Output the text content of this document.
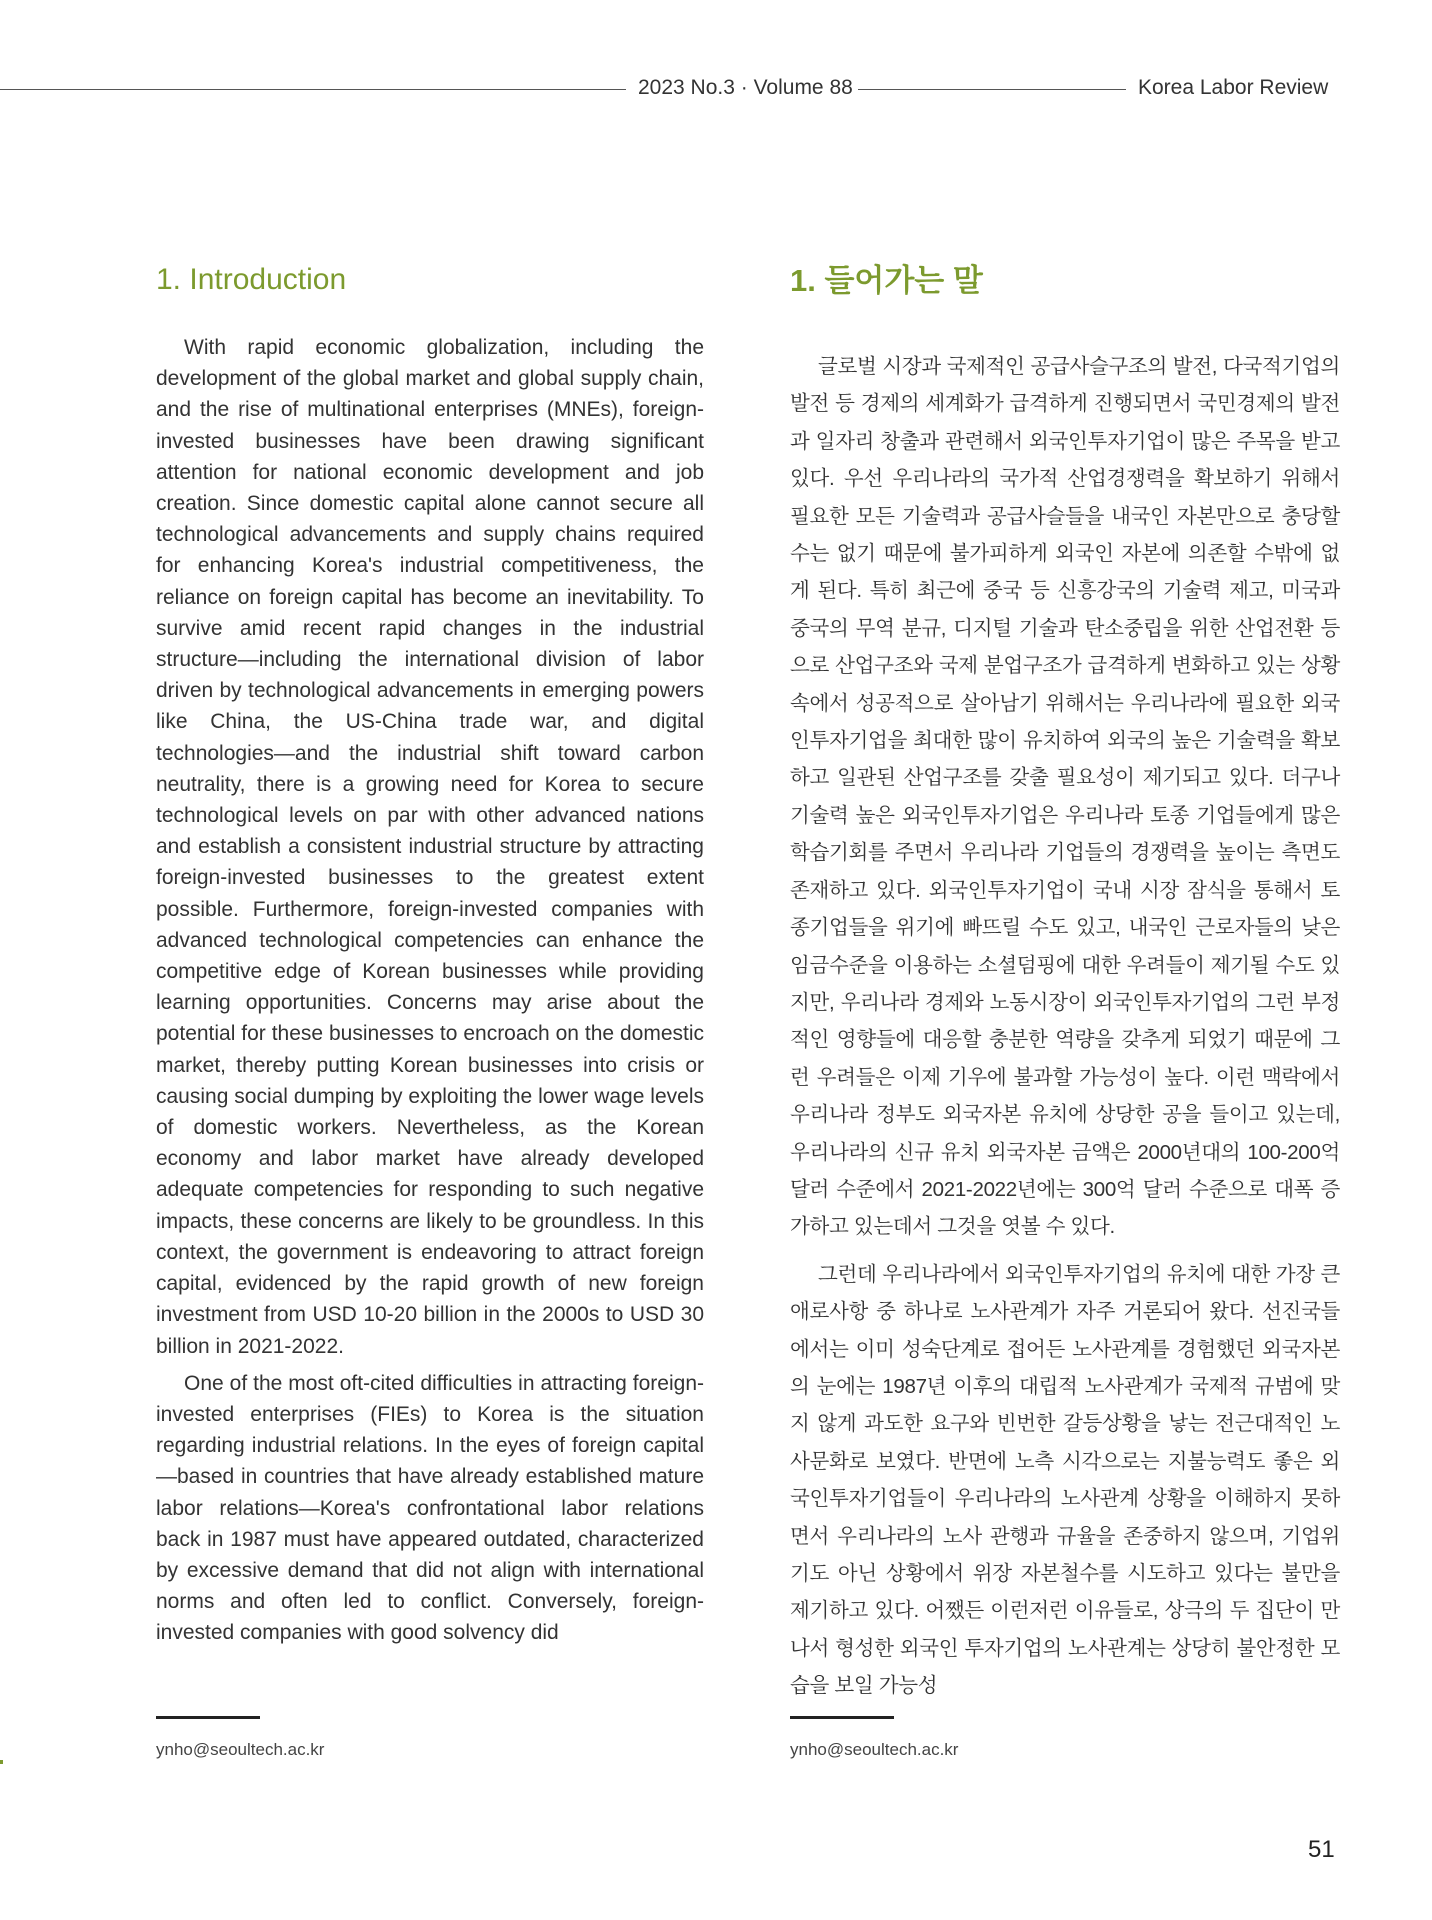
2023 No.3 · Volume 88	Korea Labor Review
1. Introduction

With rapid economic globalization, including the development of the global market and global supply chain, and the rise of multinational enterprises (MNEs), foreign-invested businesses have been drawing significant attention for national economic development and job creation. Since domestic capital alone cannot secure all technological advancements and supply chains required for enhancing Korea's industrial competitiveness, the reliance on foreign capital has become an inevitability. To survive amid recent rapid changes in the industrial structure—including the international division of labor driven by technological advancements in emerging powers like China, the US-China trade war, and digital technologies—and the industrial shift toward carbon neutrality, there is a growing need for Korea to secure technological levels on par with other advanced nations and establish a consistent industrial structure by attracting foreign-invested businesses to the greatest extent possible. Furthermore, foreign-invested companies with advanced technological competencies can enhance the competitive edge of Korean businesses while providing learning opportunities. Concerns may arise about the potential for these businesses to encroach on the domestic market, thereby putting Korean businesses into crisis or causing social dumping by exploiting the lower wage levels of domestic workers. Nevertheless, as the Korean economy and labor market have already developed adequate competencies for responding to such negative impacts, these concerns are likely to be groundless. In this context, the government is endeavoring to attract foreign capital, evidenced by the rapid growth of new foreign investment from USD 10-20 billion in the 2000s to USD 30 billion in 2021-2022.

One of the most oft-cited difficulties in attracting foreign-invested enterprises (FIEs) to Korea is the situation regarding industrial relations. In the eyes of foreign capital—based in countries that have already established mature labor relations—Korea's confrontational labor relations back in 1987 must have appeared outdated, characterized by excessive demand that did not align with international norms and often led to conflict. Conversely, foreign-invested companies with good solvency did

1. 들어가는 말

글로벌 시장과 국제적인 공급사슬구조의 발전, 다국적기업의 발전 등 경제의 세계화가 급격하게 진행되면서 국민경제의 발전과 일자리 창출과 관련해서 외국인투자기업이 많은 주목을 받고 있다. 우선 우리나라의 국가적 산업경쟁력을 확보하기 위해서 필요한 모든 기술력과 공급사슬들을 내국인 자본만으로 충당할 수는 없기 때문에 불가피하게 외국인 자본에 의존할 수밖에 없게 된다. 특히 최근에 중국 등 신흥강국의 기술력 제고, 미국과 중국의 무역 분규, 디지털 기술과 탄소중립을 위한 산업전환 등으로 산업구조와 국제 분업구조가 급격하게 변화하고 있는 상황 속에서 성공적으로 살아남기 위해서는 우리나라에 필요한 외국인투자기업을 최대한 많이 유치하여 외국의 높은 기술력을 확보하고 일관된 산업구조를 갖출 필요성이 제기되고 있다. 더구나 기술력 높은 외국인투자기업은 우리나라 토종 기업들에게 많은 학습기회를 주면서 우리나라 기업들의 경쟁력을 높이는 측면도 존재하고 있다. 외국인투자기업이 국내 시장 잠식을 통해서 토종기업들을 위기에 빠뜨릴 수도 있고, 내국인 근로자들의 낮은 임금수준을 이용하는 소셜덤핑에 대한 우려들이 제기될 수도 있지만, 우리나라 경제와 노동시장이 외국인투자기업의 그런 부정적인 영향들에 대응할 충분한 역량을 갖추게 되었기 때문에 그런 우려들은 이제 기우에 불과할 가능성이 높다. 이런 맥락에서 우리나라 정부도 외국자본 유치에 상당한 공을 들이고 있는데, 우리나라의 신규 유치 외국자본 금액은 2000년대의 100-200억 달러 수준에서 2021-2022년에는 300억 달러 수준으로 대폭 증가하고 있는데서 그것을 엿볼 수 있다.

그런데 우리나라에서 외국인투자기업의 유치에 대한 가장 큰 애로사항 중 하나로 노사관계가 자주 거론되어 왔다. 선진국들에서는 이미 성숙단계로 접어든 노사관계를 경험했던 외국자본의 눈에는 1987년 이후의 대립적 노사관계가 국제적 규범에 맞지 않게 과도한 요구와 빈번한 갈등상황을 낳는 전근대적인 노사문화로 보였다. 반면에 노측 시각으로는 지불능력도 좋은 외국인투자기업들이 우리나라의 노사관계 상황을 이해하지 못하면서 우리나라의 노사 관행과 규율을 존중하지 않으며, 기업위기도 아닌 상황에서 위장 자본철수를 시도하고 있다는 불만을 제기하고 있다. 어쨌든 이런저런 이유들로, 상극의 두 집단이 만나서 형성한 외국인 투자기업의 노사관계는 상당히 불안정한 모습을 보일 가능성

ynho@seoultech.ac.kr	ynho@seoultech.ac.kr
51
